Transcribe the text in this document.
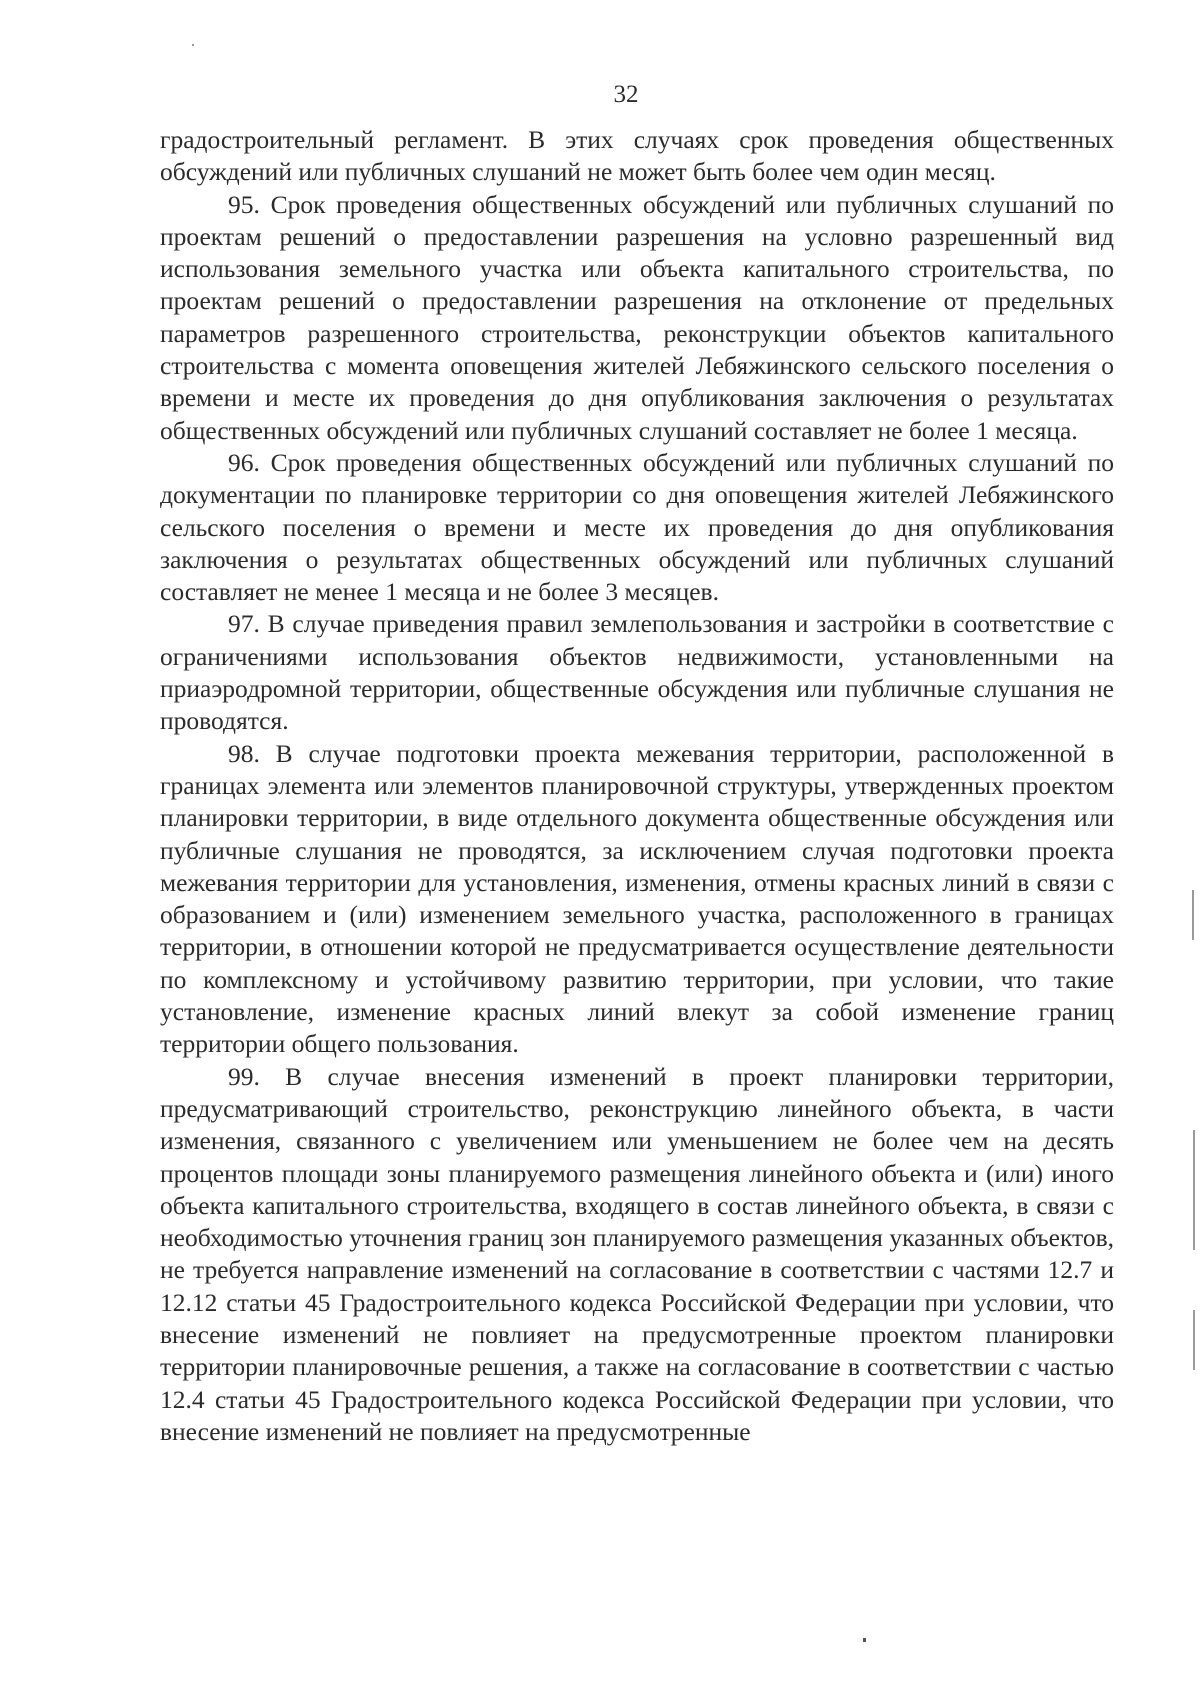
32

градостроительный регламент. В этих случаях срок проведения общественных обсуждений или публичных слушаний не может быть более чем один месяц.

95. Срок проведения общественных обсуждений или публичных слушаний по проектам решений о предоставлении разрешения на условно разрешенный вид использования земельного участка или объекта капитального строительства, по проектам решений о предоставлении разрешения на отклонение от предельных параметров разрешенного строительства, реконструкции объектов капитального строительства с момента оповещения жителей Лебяжинского сельского поселения о времени и месте их проведения до дня опубликования заключения о результатах общественных обсуждений или публичных слушаний составляет не более 1 месяца.

96. Срок проведения общественных обсуждений или публичных слушаний по документации по планировке территории со дня оповещения жителей Лебяжинского сельского поселения о времени и месте их проведения до дня опубликования заключения о результатах общественных обсуждений или публичных слушаний составляет не менее 1 месяца и не более 3 месяцев.

97. В случае приведения правил землепользования и застройки в соответствие с ограничениями использования объектов недвижимости, установленными на приаэродромной территории, общественные обсуждения или публичные слушания не проводятся.

98. В случае подготовки проекта межевания территории, расположенной в границах элемента или элементов планировочной структуры, утвержденных проектом планировки территории, в виде отдельного документа общественные обсуждения или публичные слушания не проводятся, за исключением случая подготовки проекта межевания территории для установления, изменения, отмены красных линий в связи с образованием и (или) изменением земельного участка, расположенного в границах территории, в отношении которой не предусматривается осуществление деятельности по комплексному и устойчивому развитию территории, при условии, что такие установление, изменение красных линий влекут за собой изменение границ территории общего пользования.

99. В случае внесения изменений в проект планировки территории, предусматривающий строительство, реконструкцию линейного объекта, в части изменения, связанного с увеличением или уменьшением не более чем на десять процентов площади зоны планируемого размещения линейного объекта и (или) иного объекта капитального строительства, входящего в состав линейного объекта, в связи с необходимостью уточнения границ зон планируемого размещения указанных объектов, не требуется направление изменений на согласование в соответствии с частями 12.7 и 12.12 статьи 45 Градостроительного кодекса Российской Федерации при условии, что внесение изменений не повлияет на предусмотренные проектом планировки территории планировочные решения, а также на согласование в соответствии с частью 12.4 статьи 45 Градостроительного кодекса Российской Федерации при условии, что внесение изменений не повлияет на предусмотренные
